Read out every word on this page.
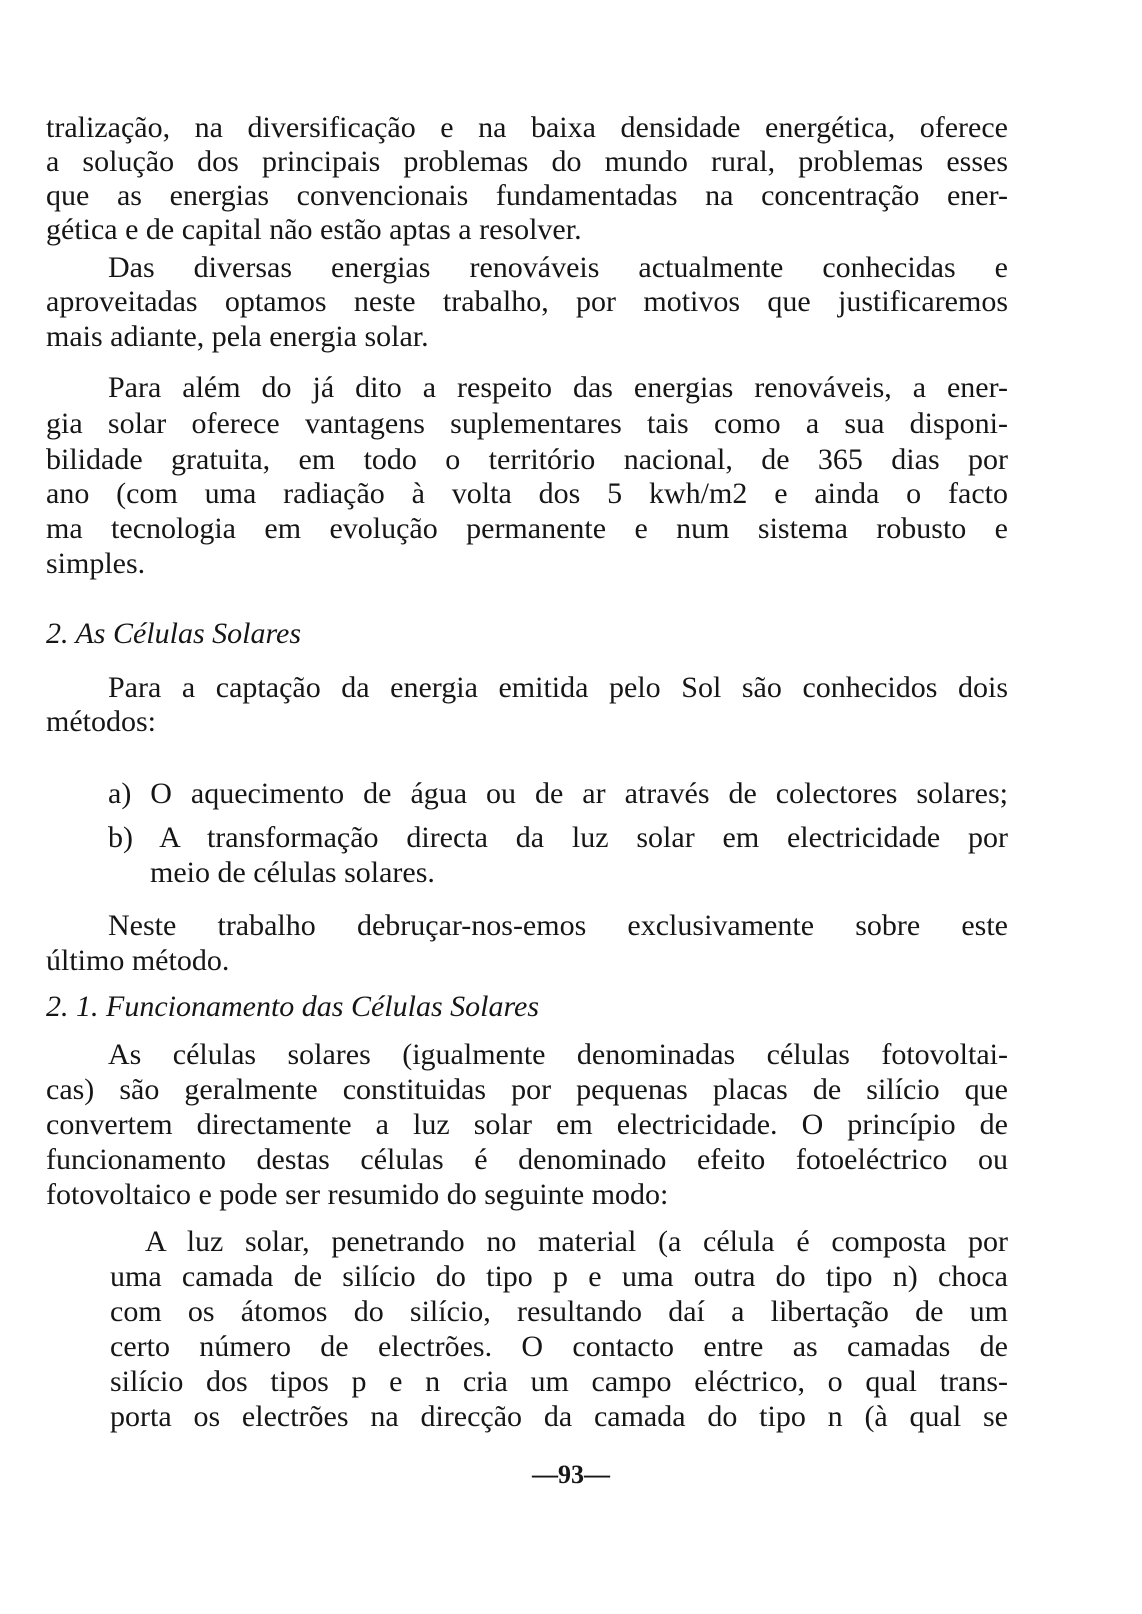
tralização, na diversificação e na baixa densidade energética, oferece
a solução dos principais problemas do mundo rural, problemas esses
que as energias convencionais fundamentadas na concentração ener-
gética e de capital não estão aptas a resolver.
Das diversas energias renováveis actualmente conhecidas e
aproveitadas optamos neste trabalho, por motivos que justificaremos
mais adiante, pela energia solar.
Para além do já dito a respeito das energias renováveis, a ener-
gia solar oferece vantagens suplementares tais como a sua disponi-
bilidade gratuita, em todo o território nacional, de 365 dias por
ano (com uma radiação à volta dos 5 kwh/m2 e ainda o facto
ma tecnologia em evolução permanente e num sistema robusto e
simples.
2. As Células Solares
Para a captação da energia emitida pelo Sol são conhecidos dois
métodos:
a) O aquecimento de água ou de ar através de colectores solares;
b) A transformação directa da luz solar em electricidade por
meio de células solares.
Neste trabalho debruçar-nos-emos exclusivamente sobre este
último método.
2. 1. Funcionamento das Células Solares
As células solares (igualmente denominadas células fotovoltai-
cas) são geralmente constituidas por pequenas placas de silício que
convertem directamente a luz solar em electricidade. O princípio de
funcionamento destas células é denominado efeito fotoeléctrico ou
fotovoltaico e pode ser resumido do seguinte modo:
A luz solar, penetrando no material (a célula é composta por
uma camada de silício do tipo p e uma outra do tipo n) choca
com os átomos do silício, resultando daí a libertação de um
certo número de electrões. O contacto entre as camadas de
silício dos tipos p e n cria um campo eléctrico, o qual trans-
porta os electrões na direcção da camada do tipo n (à qual se
—93—
